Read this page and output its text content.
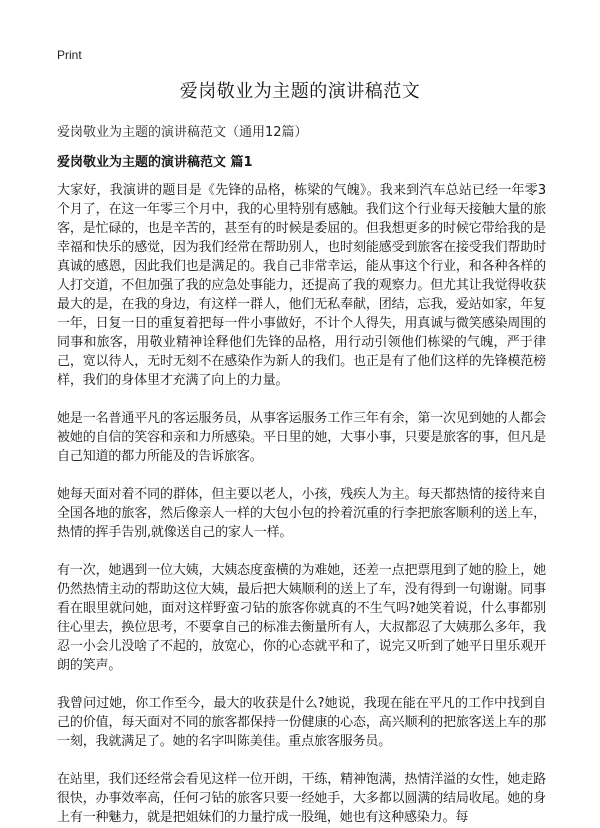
Print
爱岗敬业为主题的演讲稿范文

爱岗敬业为主题的演讲稿范文（通用12篇）

爱岗敬业为主题的演讲稿范文 篇1

大家好，我演讲的题目是《先锋的品格，栋梁的气魄》。我来到汽车总站已经一年零3个月了，在这一年零三个月中，我的心里特别有感触。我们这个行业每天接触大量的旅客，是忙碌的，也是辛苦的，甚至有的时候是委屈的。但我想更多的时候它带给我的是幸福和快乐的感觉，因为我们经常在帮助别人，也时刻能感受到旅客在接受我们帮助时真诚的感恩，因此我们也是满足的。我自己非常幸运，能从事这个行业，和各种各样的人打交道，不但加强了我的应急处事能力，还提高了我的观察力。但尤其让我觉得收获最大的是，在我的身边，有这样一群人，他们无私奉献，团结，忘我，爱站如家，年复一年，日复一日的重复着把每一件小事做好，不计个人得失，用真诚与微笑感染周围的同事和旅客，用敬业精神诠释他们先锋的品格，用行动引领他们栋梁的气魄，严于律己，宽以待人，无时无刻不在感染作为新人的我们。也正是有了他们这样的先锋模范榜样，我们的身体里才充满了向上的力量。

她是一名普通平凡的客运服务员，从事客运服务工作三年有余，第一次见到她的人都会被她的自信的笑容和亲和力所感染。平日里的她，大事小事，只要是旅客的事，但凡是自己知道的都力所能及的告诉旅客。

她每天面对着不同的群体，但主要以老人，小孩，残疾人为主。每天都热情的接待来自全国各地的旅客，然后像亲人一样的大包小包的拎着沉重的行李把旅客顺利的送上车，热情的挥手告别,就像送自己的家人一样。

有一次，她遇到一位大姨，大姨态度蛮横的为难她，还差一点把票甩到了她的脸上，她仍然热情主动的帮助这位大姨，最后把大姨顺利的送上了车，没有得到一句谢谢。同事看在眼里就问她，面对这样野蛮刁钻的旅客你就真的不生气吗?她笑着说，什么事都别往心里去，换位思考，不要拿自己的标准去衡量所有人，大叔都忍了大姨那么多年，我忍一小会儿没啥了不起的，放宽心，你的心态就平和了，说完又听到了她平日里乐观开朗的笑声。

我曾问过她，你工作至今，最大的收获是什么?她说，我现在能在平凡的工作中找到自己的价值，每天面对不同的旅客都保持一份健康的心态，高兴顺利的把旅客送上车的那一刻，我就满足了。她的名字叫陈美佳。重点旅客服务员。

在站里，我们还经常会看见这样一位开朗，干练，精神饱满，热情洋溢的女性，她走路很快，办事效率高，任何刁钻的旅客只要一经她手，大多都以圆满的结局收尾。她的身上有一种魅力，就是把姐妹们的力量拧成一股绳，她也有这种感染力。每
